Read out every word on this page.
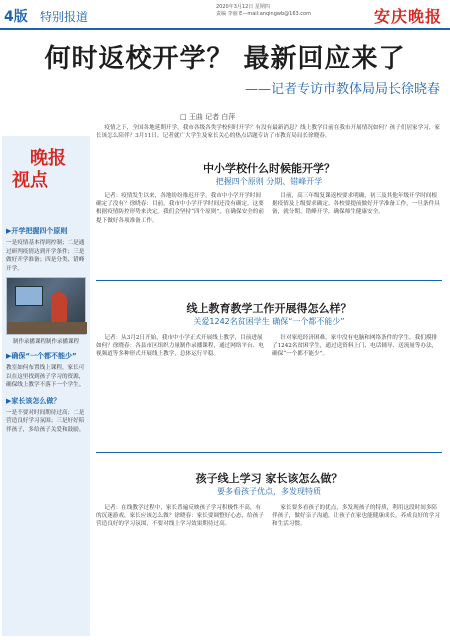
4版 特别报道
2020年3月12日 星期四
责编 李丽 E—mail:anqingwb@163.com	安庆晚报
何时返校开学？ 最新回应来了
——记者专访市教体局局长徐晓春
□ 王曲 记者 白萍
疫情之下，全国各地延期开学。我市各级各类学校何时开学？有没有最新消息？线上教学目前在我市开展情况如何？孩子们居家学习，家长该怎么陪伴？3月11日，记者就广大学生及家长关心的热点话题专访了市教育局局长徐晓春。
晚报
视点
▶开学把握四个原则
一是疫情基本得到控制；二是通过研判疫情达到开学条件；三是做好开学准备；四是分类、错峰开学。
制作录播课程制作录播课程
▶确保“一个都不能少”
教室如何布置线上课程，家长可以在这里找到孩子学习的资源，确保线上教学不落下一个学生。
▶家长该怎么做？
一是不要对时间期待过高；二是营造良好学习氛围；三是好好陪伴孩子，多给孩子关爱和鼓励。
中小学校什么时候能开学？
把握四个原则 分期、错峰开学
记者：疫情发生以来，各地纷纷推迟开学，我市中小学开学时间确定了没有？徐晓春：目前，我市中小学开学时间还没有确定。这要根据疫情防控形势来决定。我们会坚持“四个原则”，在确保安全的前提下做好各项准备工作。
目前，高三年级复课返校要求明确，初三及其他年级开学时间根据疫情及上级要求确定。各校要提前做好开学准备工作，一旦条件具备，就分期、错峰开学，确保师生健康安全。
线上教育教学工作开展得怎么样？
关爱1242名贫困学生 确保“一个都不能少”
记者：从3月2日开始，我市中小学正式开展线上教学，目前进展如何？徐晓春：各县市区组织力量制作录播课程，通过网络平台、电视频道等多种形式开展线上教学，总体运行平稳。
针对家庭经济困难、家中没有电脑和网络条件的学生，我们摸排了1242名贫困学生，通过送资料上门、电话辅导、送流量等办法，确保“一个都不能少”。
孩子线上学习 家长该怎么做？
要多看孩子优点，多发现特质
记者：在线教学过程中，家长普遍反映孩子学习积极性不高，有的沉迷游戏，家长应该怎么做？徐晓春：家长要调整好心态，给孩子营造良好的学习氛围，不要对线上学习效果期待过高。
家长要多看孩子的优点，多发现孩子的特质，利用这段时间多陪伴孩子，做好亲子沟通，让孩子在家也能健康成长，养成良好的学习和生活习惯。
